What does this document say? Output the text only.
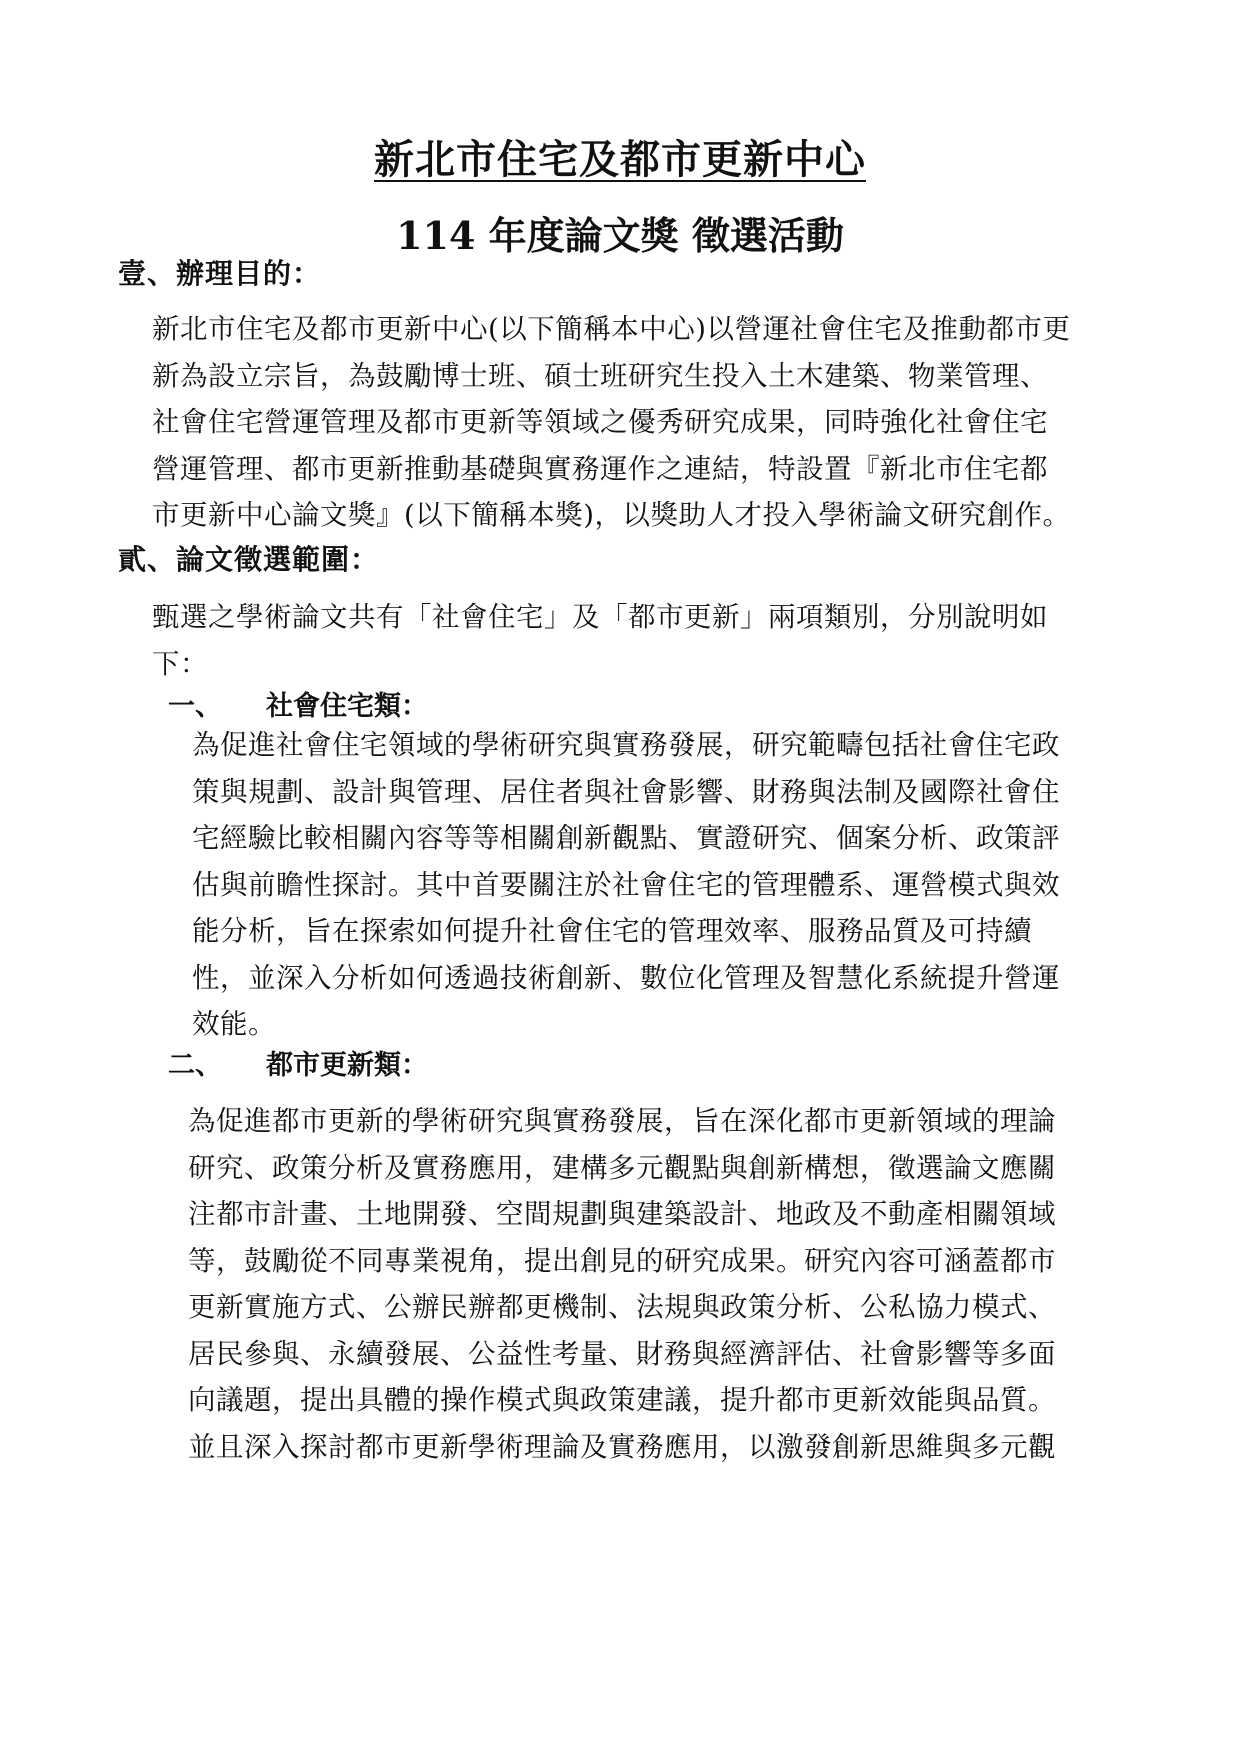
新北市住宅及都市更新中心
114 年度論文獎 徵選活動
壹、辦理目的：
新北市住宅及都市更新中心(以下簡稱本中心)以營運社會住宅及推動都市更
新為設立宗旨，為鼓勵博士班、碩士班研究生投入土木建築、物業管理、
社會住宅營運管理及都市更新等領域之優秀研究成果，同時強化社會住宅
營運管理、都市更新推動基礎與實務運作之連結，特設置『新北市住宅都
市更新中心論文獎』(以下簡稱本獎)，以獎助人才投入學術論文研究創作。
貳、論文徵選範圍：
甄選之學術論文共有「社會住宅」及「都市更新」兩項類別，分別說明如
下：
一、 社會住宅類：
為促進社會住宅領域的學術研究與實務發展，研究範疇包括社會住宅政
策與規劃、設計與管理、居住者與社會影響、財務與法制及國際社會住
宅經驗比較相關內容等等相關創新觀點、實證研究、個案分析、政策評
估與前瞻性探討。其中首要關注於社會住宅的管理體系、運營模式與效
能分析，旨在探索如何提升社會住宅的管理效率、服務品質及可持續
性，並深入分析如何透過技術創新、數位化管理及智慧化系統提升營運
效能。
二、 都市更新類：
為促進都市更新的學術研究與實務發展，旨在深化都市更新領域的理論
研究、政策分析及實務應用，建構多元觀點與創新構想，徵選論文應關
注都市計畫、土地開發、空間規劃與建築設計、地政及不動產相關領域
等，鼓勵從不同專業視角，提出創見的研究成果。研究內容可涵蓋都市
更新實施方式、公辦民辦都更機制、法規與政策分析、公私協力模式、
居民參與、永續發展、公益性考量、財務與經濟評估、社會影響等多面
向議題，提出具體的操作模式與政策建議，提升都市更新效能與品質。
並且深入探討都市更新學術理論及實務應用，以激發創新思維與多元觀
